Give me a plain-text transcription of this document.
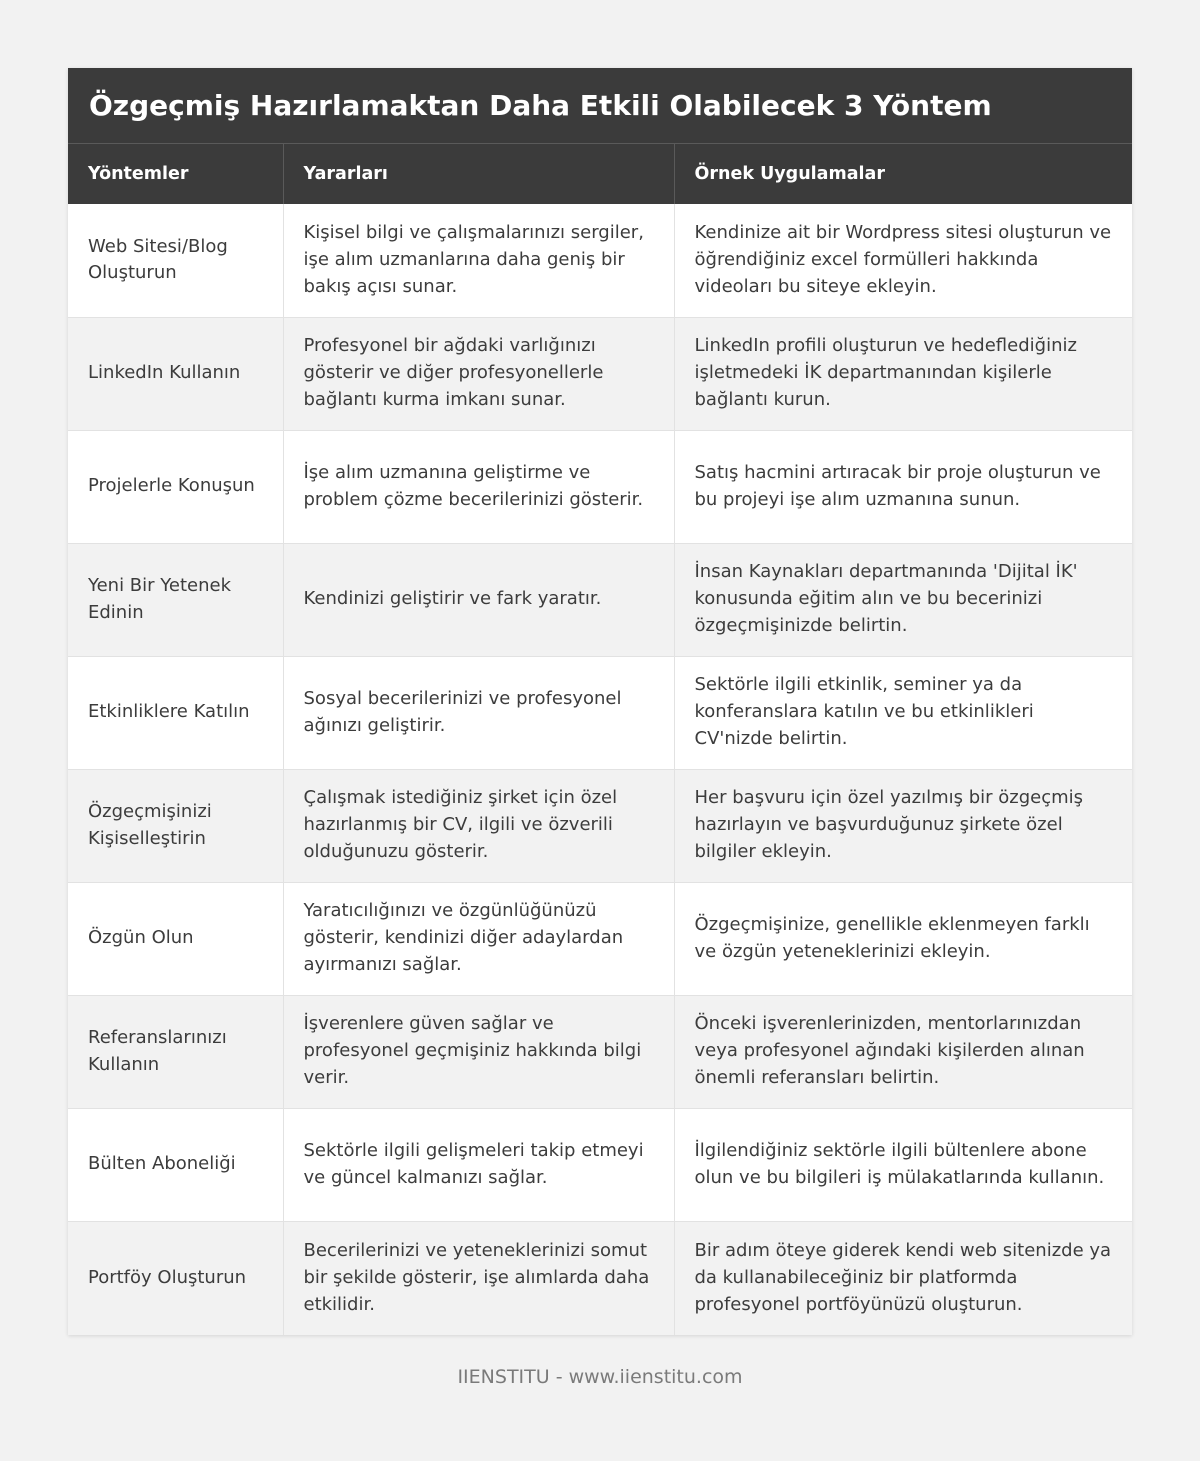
Özgeçmiş Hazırlamaktan Daha Etkili Olabilecek 3 Yöntem
Yöntemler	Yararları	Örnek Uygulamalar
Web Sitesi/Blog Oluşturun	Kişisel bilgi ve çalışmalarınızı sergiler, işe alım uzmanlarına daha geniş bir bakış açısı sunar.	Kendinize ait bir Wordpress sitesi oluşturun ve öğrendiğiniz excel formülleri hakkında videoları bu siteye ekleyin.
LinkedIn Kullanın	Profesyonel bir ağdaki varlığınızı gösterir ve diğer profesyonellerle bağlantı kurma imkanı sunar.	LinkedIn profili oluşturun ve hedeflediğiniz işletmedeki İK departmanından kişilerle bağlantı kurun.
Projelerle Konuşun	İşe alım uzmanına geliştirme ve problem çözme becerilerinizi gösterir.	Satış hacmini artıracak bir proje oluşturun ve bu projeyi işe alım uzmanına sunun.
Yeni Bir Yetenek Edinin	Kendinizi geliştirir ve fark yaratır.	İnsan Kaynakları departmanında 'Dijital İK' konusunda eğitim alın ve bu becerinizi özgeçmişinizde belirtin.
Etkinliklere Katılın	Sosyal becerilerinizi ve profesyonel ağınızı geliştirir.	Sektörle ilgili etkinlik, seminer ya da konferanslara katılın ve bu etkinlikleri CV'nizde belirtin.
Özgeçmişinizi Kişiselleştirin	Çalışmak istediğiniz şirket için özel hazırlanmış bir CV, ilgili ve özverili olduğunuzu gösterir.	Her başvuru için özel yazılmış bir özgeçmiş hazırlayın ve başvurduğunuz şirkete özel bilgiler ekleyin.
Özgün Olun	Yaratıcılığınızı ve özgünlüğünüzü gösterir, kendinizi diğer adaylardan ayırmanızı sağlar.	Özgeçmişinize, genellikle eklenmeyen farklı ve özgün yeteneklerinizi ekleyin.
Referanslarınızı Kullanın	İşverenlere güven sağlar ve profesyonel geçmişiniz hakkında bilgi verir.	Önceki işverenlerinizden, mentorlarınızdan veya profesyonel ağındaki kişilerden alınan önemli referansları belirtin.
Bülten Aboneliği	Sektörle ilgili gelişmeleri takip etmeyi ve güncel kalmanızı sağlar.	İlgilendiğiniz sektörle ilgili bültenlere abone olun ve bu bilgileri iş mülakatlarında kullanın.
Portföy Oluşturun	Becerilerinizi ve yeteneklerinizi somut bir şekilde gösterir, işe alımlarda daha etkilidir.	Bir adım öteye giderek kendi web sitenizde ya da kullanabileceğiniz bir platformda profesyonel portföyünüzü oluşturun.
IIENSTITU - www.iienstitu.com
